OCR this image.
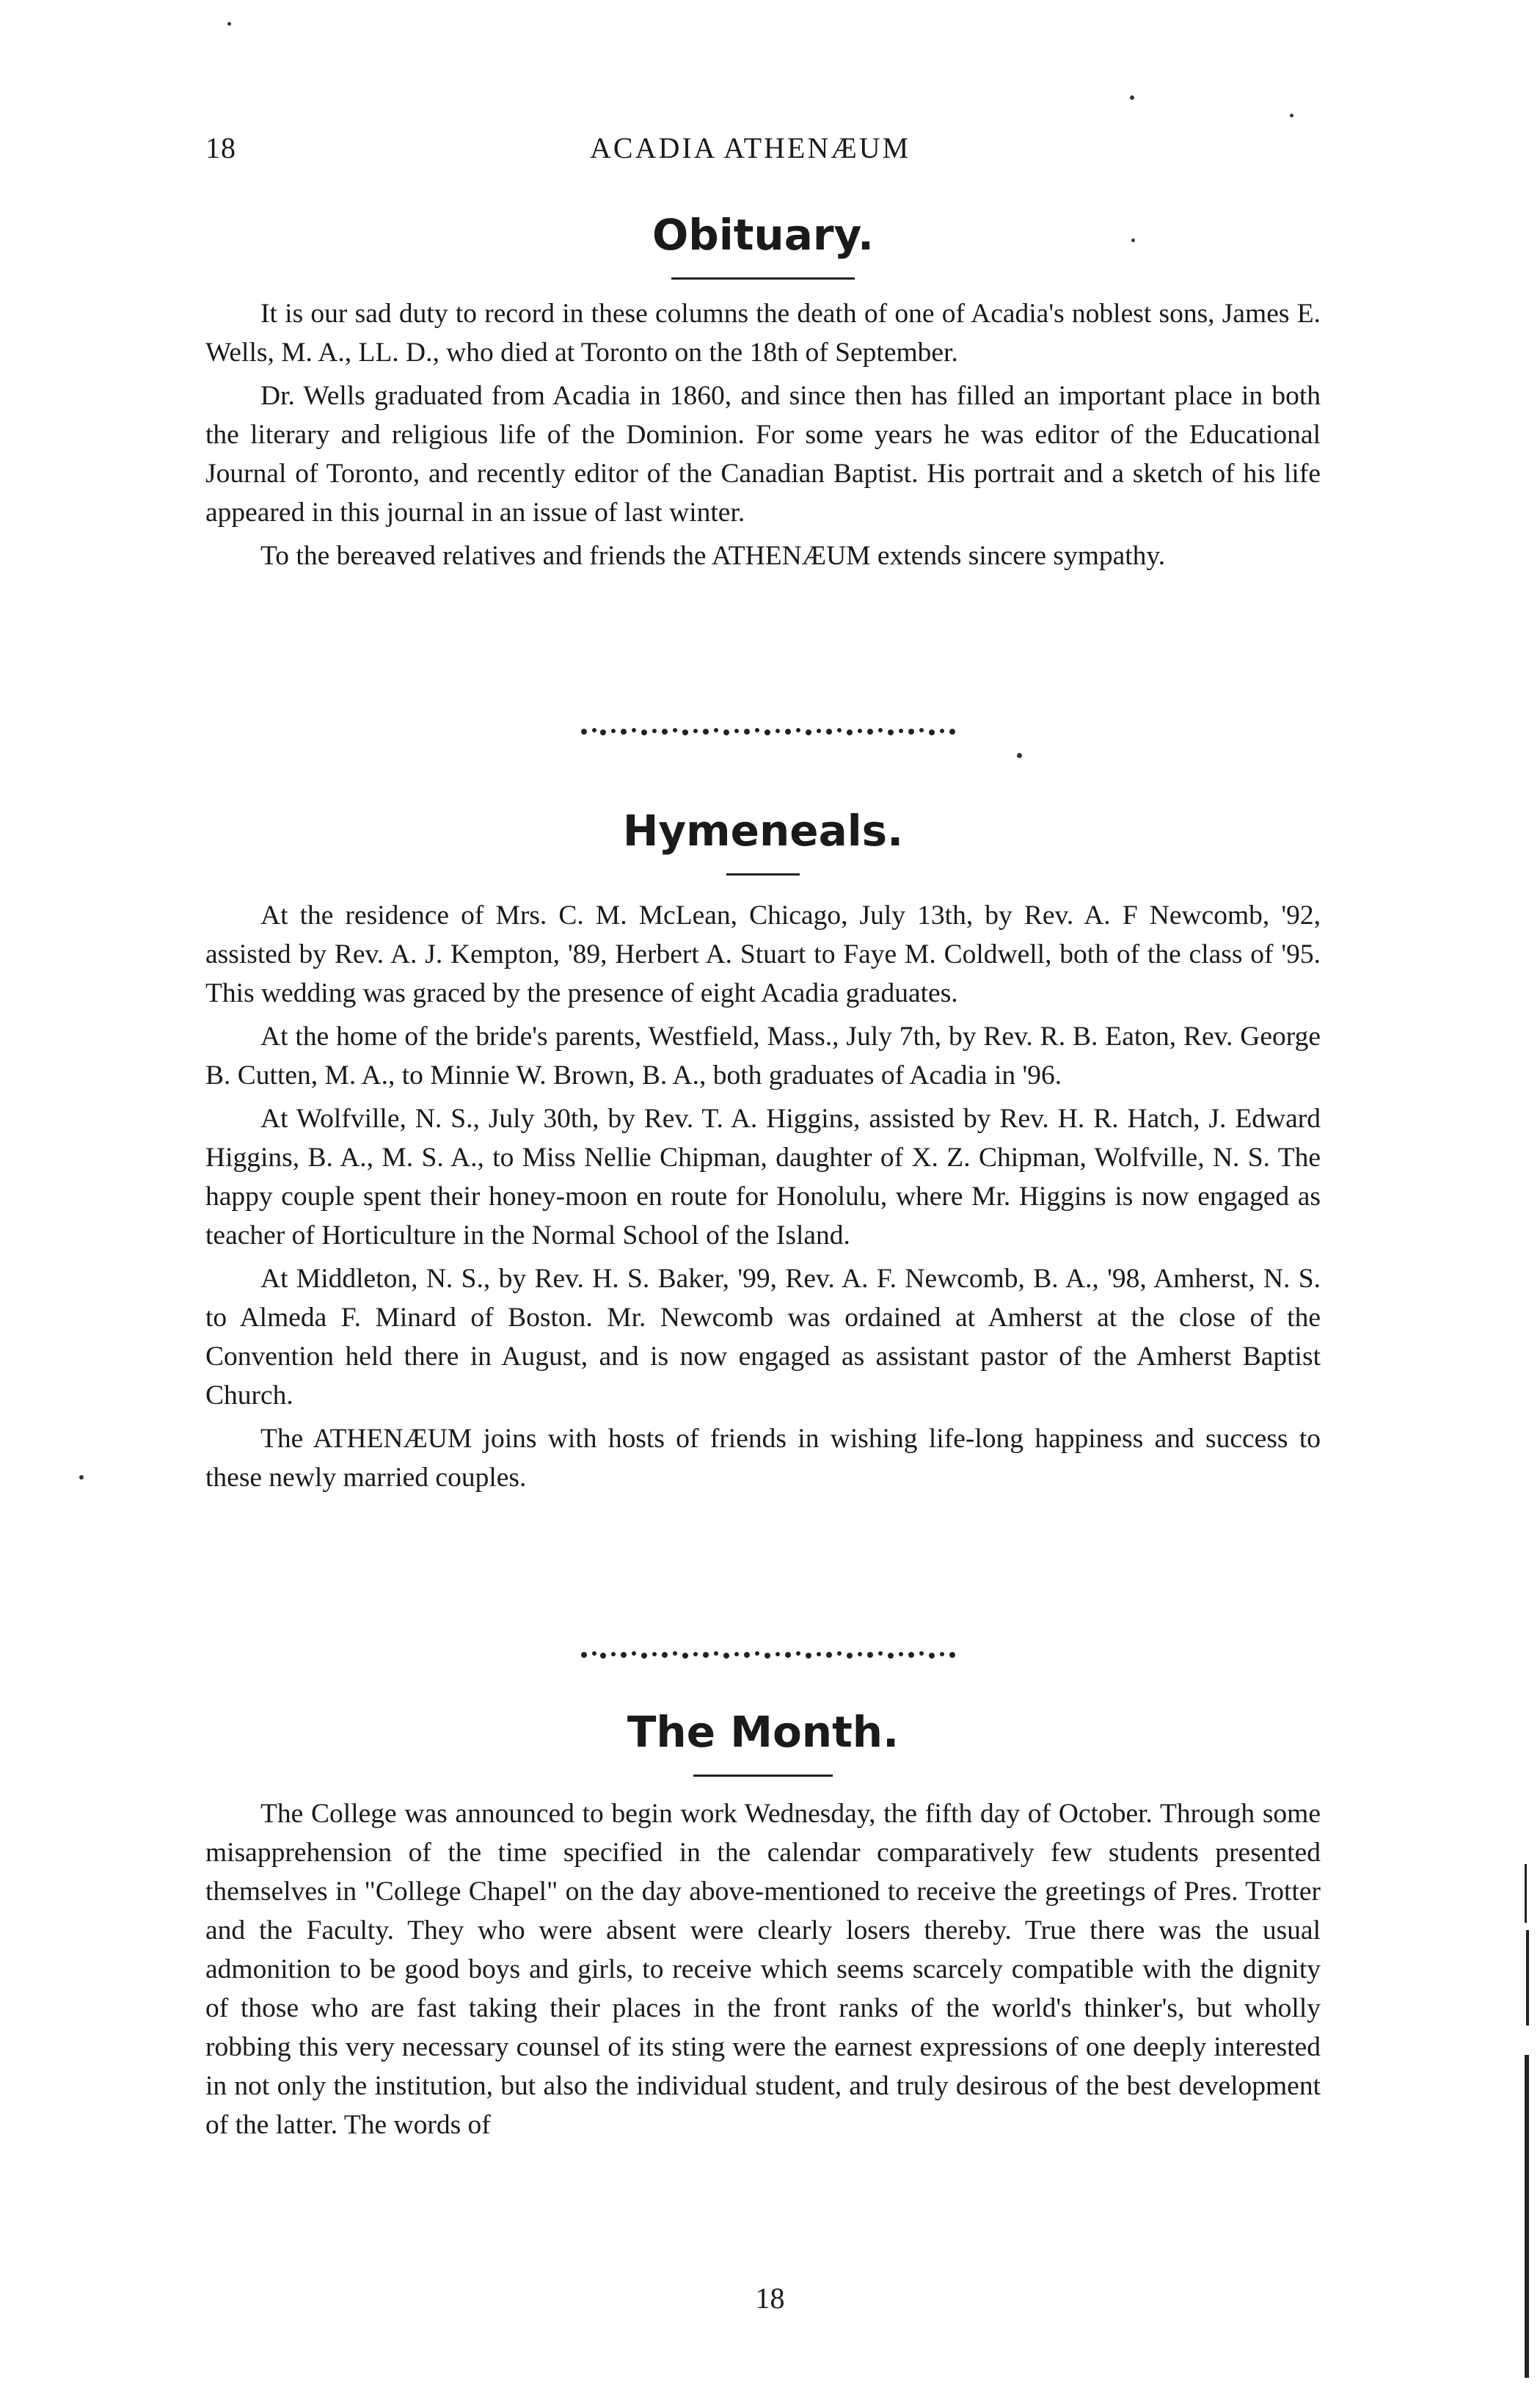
18	ACADIA ATHENÆUM
Obituary.

It is our sad duty to record in these columns the death of one of Acadia's noblest sons, James E. Wells, M. A., LL. D., who died at Toronto on the 18th of September.

Dr. Wells graduated from Acadia in 1860, and since then has filled an important place in both the literary and religious life of the Dominion. For some years he was editor of the Educational Journal of Toronto, and recently editor of the Canadian Baptist. His portrait and a sketch of his life appeared in this journal in an issue of last winter.

To the bereaved relatives and friends the ATHENÆUM extends sincere sympathy.

Hymeneals.

At the residence of Mrs. C. M. McLean, Chicago, July 13th, by Rev. A. F Newcomb, '92, assisted by Rev. A. J. Kempton, '89, Herbert A. Stuart to Faye M. Coldwell, both of the class of '95. This wedding was graced by the presence of eight Acadia graduates.

At the home of the bride's parents, Westfield, Mass., July 7th, by Rev. R. B. Eaton, Rev. George B. Cutten, M. A., to Minnie W. Brown, B. A., both graduates of Acadia in '96.

At Wolfville, N. S., July 30th, by Rev. T. A. Higgins, assisted by Rev. H. R. Hatch, J. Edward Higgins, B. A., M. S. A., to Miss Nellie Chipman, daughter of X. Z. Chipman, Wolfville, N. S. The happy couple spent their honey-moon en route for Honolulu, where Mr. Higgins is now engaged as teacher of Horticulture in the Normal School of the Island.

At Middleton, N. S., by Rev. H. S. Baker, '99, Rev. A. F. Newcomb, B. A., '98, Amherst, N. S. to Almeda F. Minard of Boston. Mr. Newcomb was ordained at Amherst at the close of the Convention held there in August, and is now engaged as assistant pastor of the Amherst Baptist Church.

The ATHENÆUM joins with hosts of friends in wishing life-long happiness and success to these newly married couples.

The Month.

The College was announced to begin work Wednesday, the fifth day of October. Through some misapprehension of the time specified in the calendar comparatively few students presented themselves in "College Chapel" on the day above-mentioned to receive the greetings of Pres. Trotter and the Faculty. They who were absent were clearly losers thereby. True there was the usual admonition to be good boys and girls, to receive which seems scarcely compatible with the dignity of those who are fast taking their places in the front ranks of the world's thinker's, but wholly robbing this very necessary counsel of its sting were the earnest expressions of one deeply interested in not only the institution, but also the individual student, and truly desirous of the best development of the latter. The words of

18
